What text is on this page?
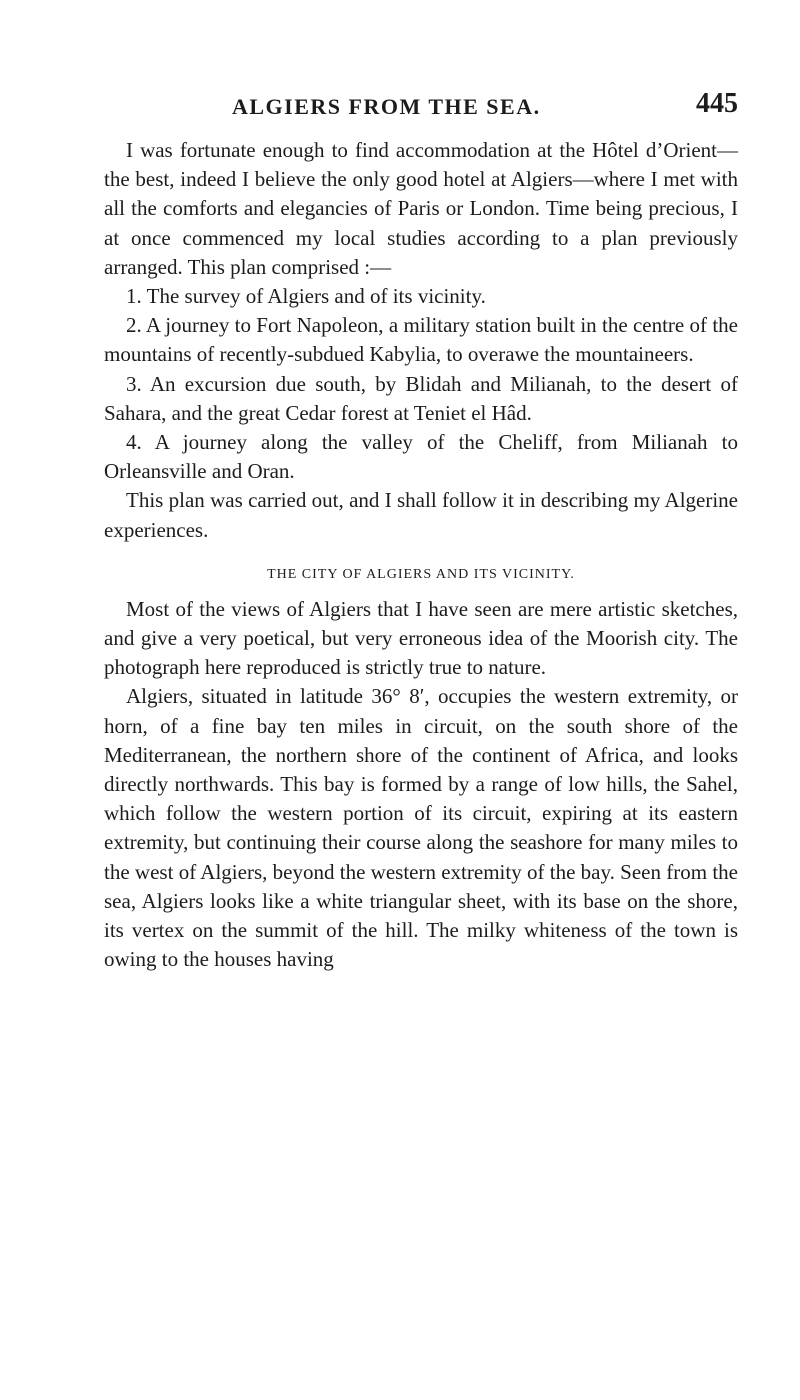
ALGIERS FROM THE SEA.	445

I was fortunate enough to find accommodation at the Hôtel d’Orient—the best, indeed I believe the only good hotel at Algiers—where I met with all the comforts and elegancies of Paris or London. Time being precious, I at once commenced my local studies according to a plan previously arranged. This plan comprised :—

1. The survey of Algiers and of its vicinity.

2. A journey to Fort Napoleon, a military station built in the centre of the mountains of recently-subdued Kabylia, to overawe the mountaineers.

3. An excursion due south, by Blidah and Milianah, to the desert of Sahara, and the great Cedar forest at Teniet el Hâd.

4. A journey along the valley of the Cheliff, from Milianah to Orleansville and Oran.

This plan was carried out, and I shall follow it in describing my Algerine experiences.

THE CITY OF ALGIERS AND ITS VICINITY.

Most of the views of Algiers that I have seen are mere artistic sketches, and give a very poetical, but very erroneous idea of the Moorish city. The photograph here reproduced is strictly true to nature.

Algiers, situated in latitude 36° 8′, occupies the western extremity, or horn, of a fine bay ten miles in circuit, on the south shore of the Mediterranean, the northern shore of the continent of Africa, and looks directly northwards. This bay is formed by a range of low hills, the Sahel, which follow the western portion of its circuit, expiring at its eastern extremity, but continuing their course along the seashore for many miles to the west of Algiers, beyond the western extremity of the bay. Seen from the sea, Algiers looks like a white triangular sheet, with its base on the shore, its vertex on the summit of the hill. The milky whiteness of the town is owing to the houses having
